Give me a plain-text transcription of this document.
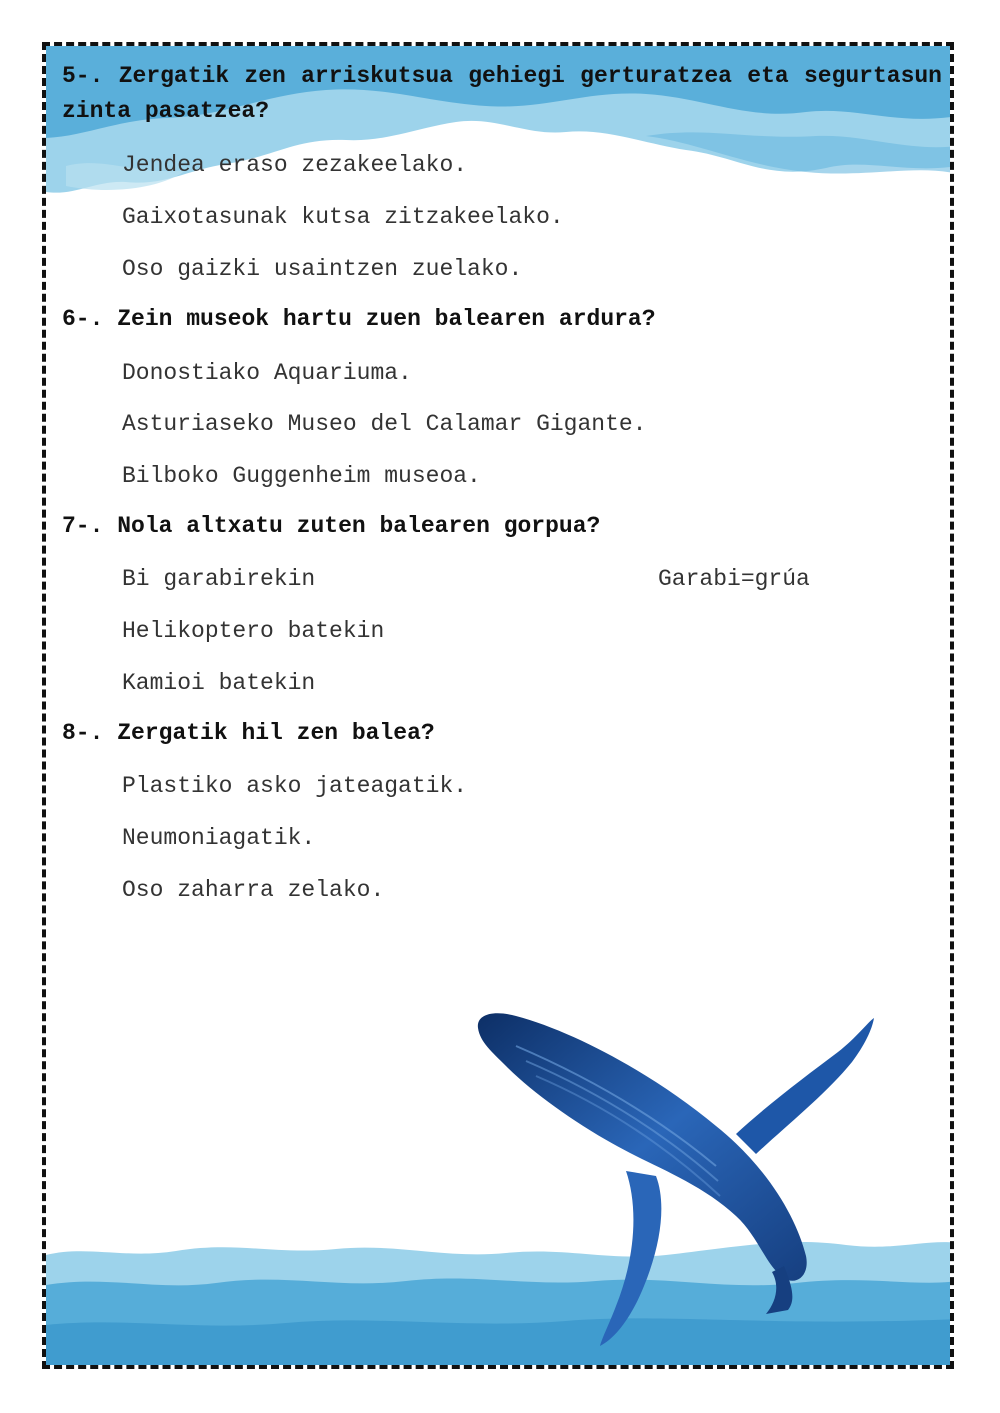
5-. Zergatik zen arriskutsua gehiegi gerturatzea eta segurtasun zinta pasatzea?

Jendea eraso zezakeelako.

Gaixotasunak kutsa zitzakeelako.

Oso gaizki usaintzen zuelako.

6-. Zein museok hartu zuen balearen ardura?

Donostiako Aquariuma.

Asturiaseko Museo del Calamar Gigante.

Bilboko Guggenheim museoa.

7-. Nola altxatu zuten balearen gorpua?

Bi garabirekin	Garabi=grúa

Helikoptero batekin

Kamioi batekin

8-. Zergatik hil zen balea?

Plastiko asko jateagatik.

Neumoniagatik.

Oso zaharra zelako.
